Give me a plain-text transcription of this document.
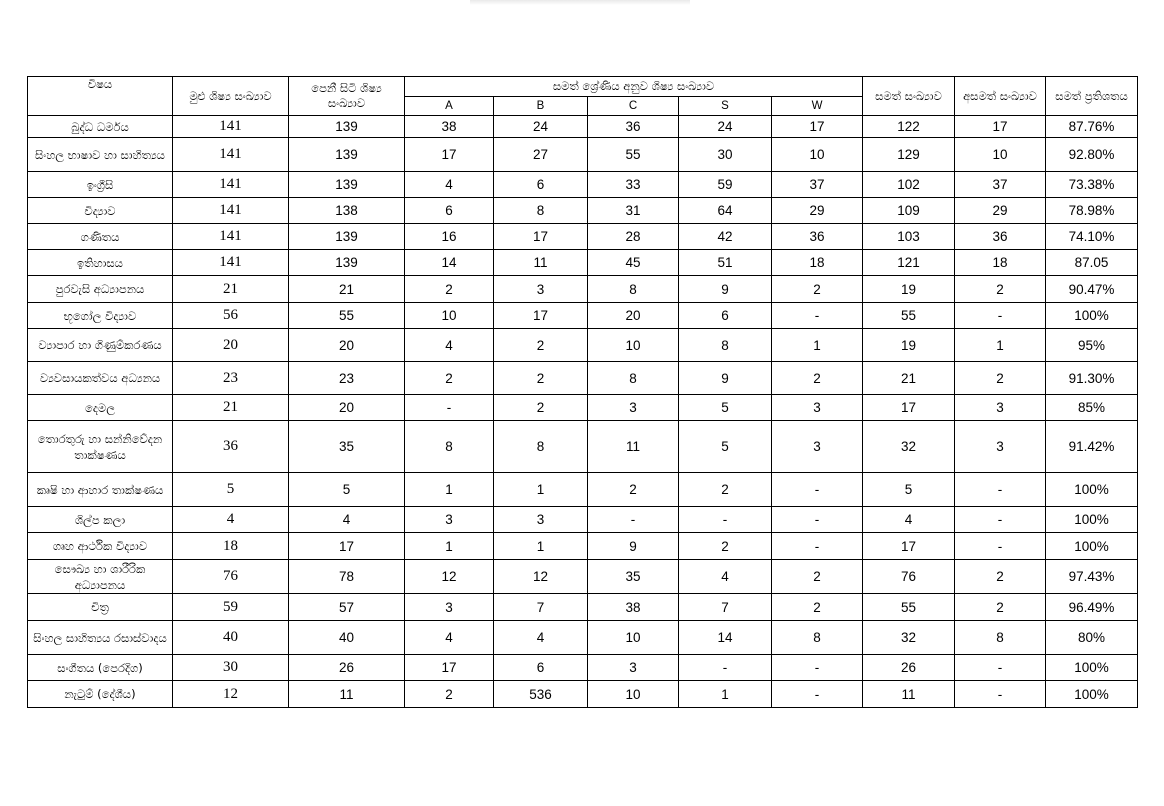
විෂය	මුළු ශිෂ්‍ය සංඛ්‍යාව	පෙනී සිටි ශිෂ්‍ය සංඛ්‍යාව	සමත් ශ්‍රේණිය අනුව ශිෂ්‍ය සංඛ්‍යාව					සමත් සංඛ්‍යාව	අසමත් සංඛ්‍යාව	සමත් ප්‍රතිශතය
			A	B	C	S	W			
බුද්ධ ධර්මය	141	139	38	24	36	24	17	122	17	87.76%
සිංහල භාෂාව හා සාහිත්‍යය	141	139	17	27	55	30	10	129	10	92.80%
ඉංග්‍රීසි	141	139	4	6	33	59	37	102	37	73.38%
විද්‍යාව	141	138	6	8	31	64	29	109	29	78.98%
ගණිතය	141	139	16	17	28	42	36	103	36	74.10%
ඉතිහාසය	141	139	14	11	45	51	18	121	18	87.05
පුරවැසි අධ්‍යාපනය	21	21	2	3	8	9	2	19	2	90.47%
භූගෝල විද්‍යාව	56	55	10	17	20	6	-	55	-	100%
ව්‍යාපාර හා ගිණුම්කරණය	20	20	4	2	10	8	1	19	1	95%
ව්‍යවසායකත්වය අධ්‍යනය	23	23	2	2	8	9	2	21	2	91.30%
දෙමල	21	20	-	2	3	5	3	17	3	85%
තොරතුරු හා සන්නිවේදන තාක්ෂණය	36	35	8	8	11	5	3	32	3	91.42%
කෘෂි හා ආහාර තාක්ෂණය	5	5	1	1	2	2	-	5	-	100%
ශිල්ප කලා	4	4	3	3	-	-	-	4	-	100%
ගෘහ ආර්ථික විද්‍යාව	18	17	1	1	9	2	-	17	-	100%
සෞඛ්‍ය හා ශාරීරික අධ්‍යාපනය	76	78	12	12	35	4	2	76	2	97.43%
චිත්‍ර	59	57	3	7	38	7	2	55	2	96.49%
සිංහල සාහිත්‍යය රසාස්වාදය	40	40	4	4	10	14	8	32	8	80%
සංගීතය (පෙරදිග)	30	26	17	6	3	-	-	26	-	100%
නැටුම් (දේශීය)	12	11	2	536	10	1	-	11	-	100%
